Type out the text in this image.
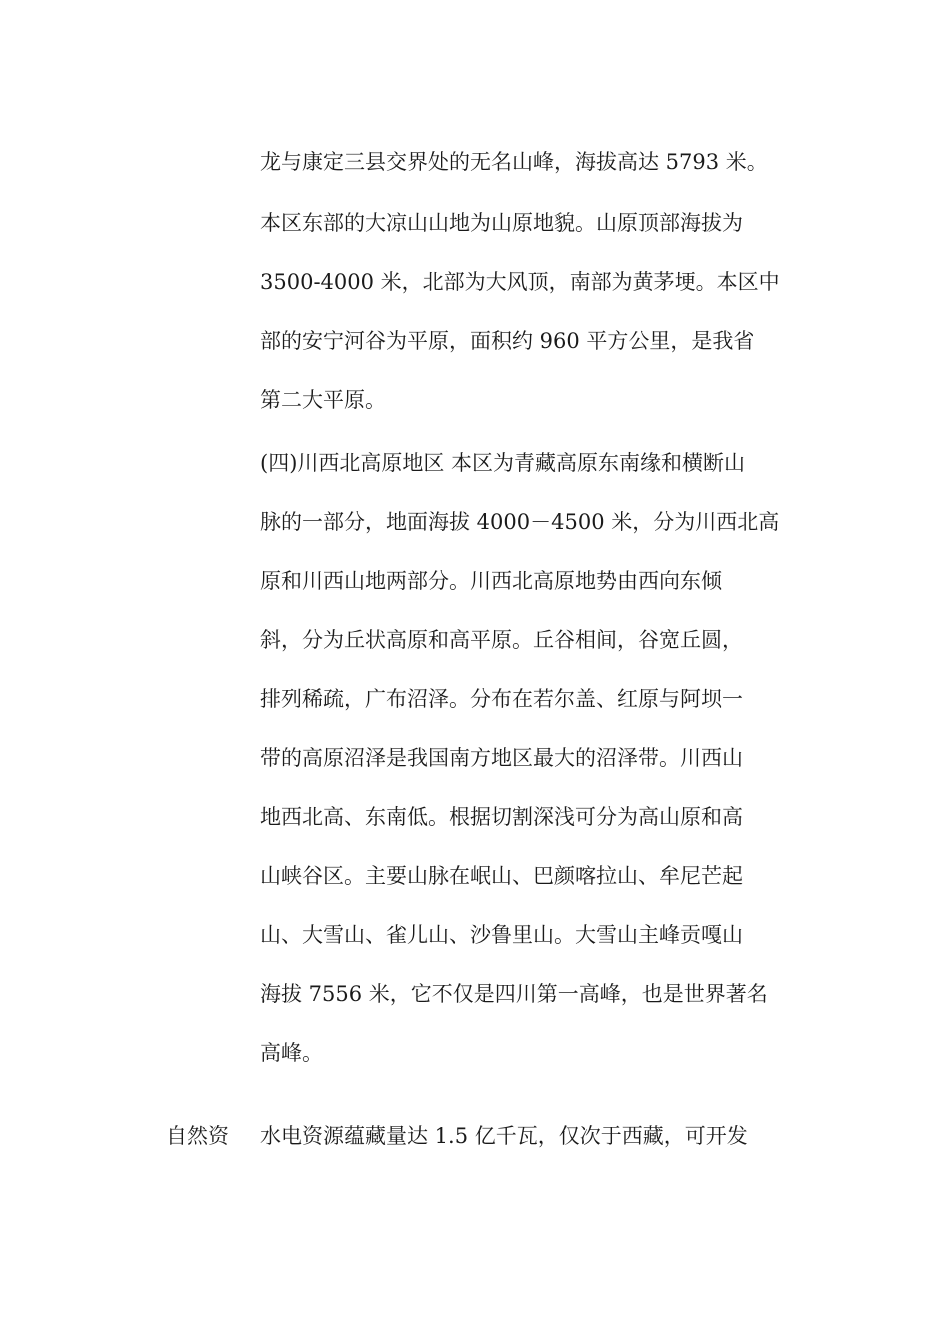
龙与康定三县交界处的无名山峰，海拔高达 5793 米。
本区东部的大凉山山地为山原地貌。山原顶部海拔为
3500-4000 米，北部为大风顶，南部为黄茅埂。本区中
部的安宁河谷为平原，面积约 960 平方公里，是我省
第二大平原。
(四)川西北高原地区 本区为青藏高原东南缘和横断山
脉的一部分，地面海拔 4000－4500 米，分为川西北高
原和川西山地两部分。川西北高原地势由西向东倾
斜，分为丘状高原和高平原。丘谷相间，谷宽丘圆，
排列稀疏，广布沼泽。分布在若尔盖、红原与阿坝一
带的高原沼泽是我国南方地区最大的沼泽带。川西山
地西北高、东南低。根据切割深浅可分为高山原和高
山峡谷区。主要山脉在岷山、巴颜喀拉山、牟尼芒起
山、大雪山、雀儿山、沙鲁里山。大雪山主峰贡嘎山
海拔 7556 米，它不仅是四川第一高峰，也是世界著名
高峰。
自然资 水电资源蕴藏量达 1.5 亿千瓦，仅次于西藏，可开发
